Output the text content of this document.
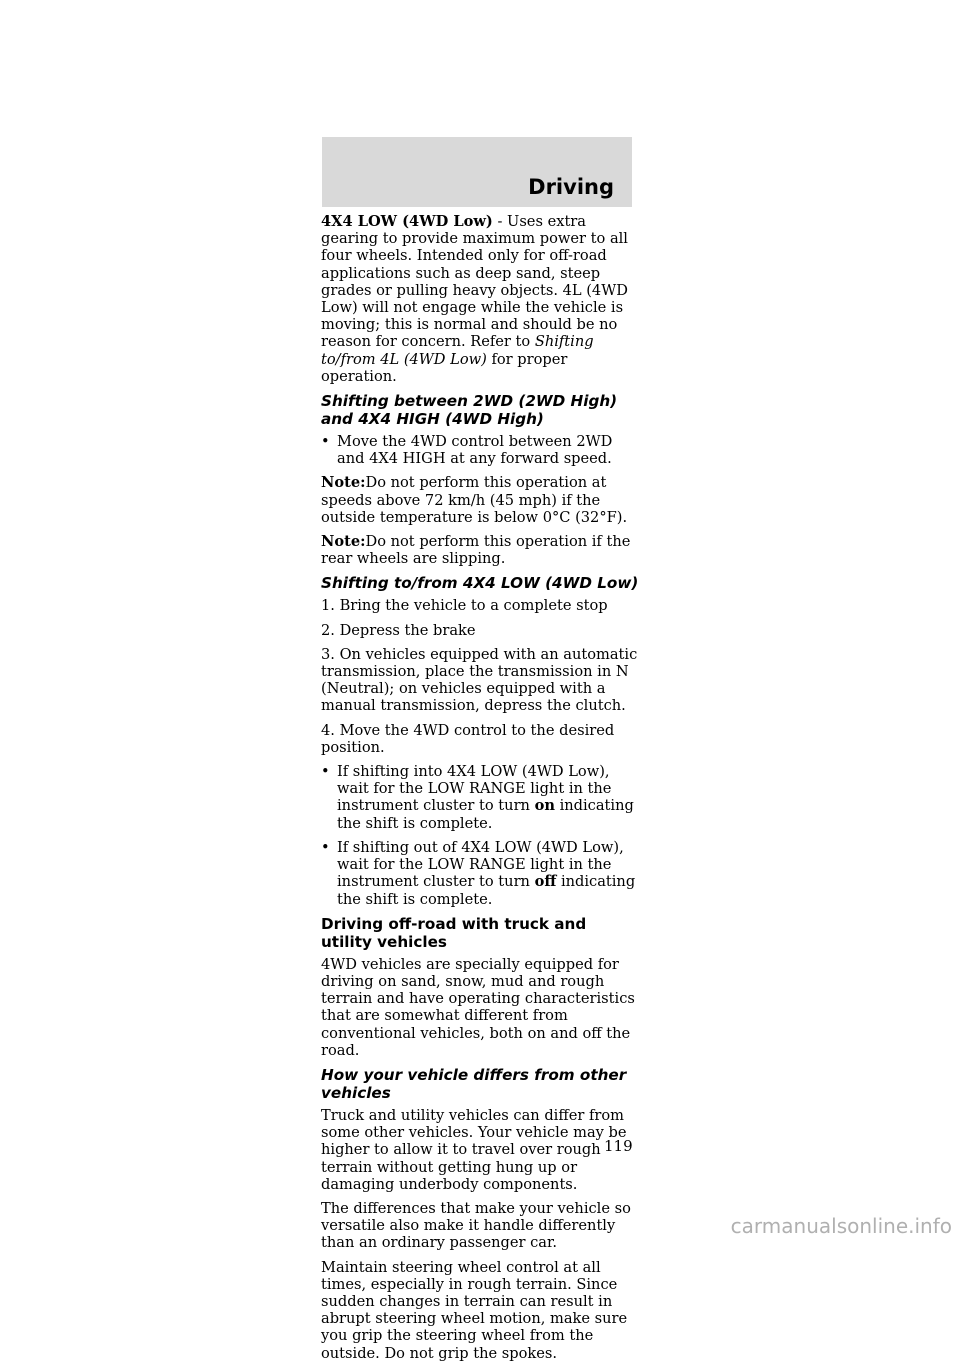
Driving

4X4 LOW (4WD Low) - Uses extra gearing to provide maximum power to all four wheels. Intended only for off-road applications such as deep sand, steep grades or pulling heavy objects. 4L (4WD Low) will not engage while the vehicle is moving; this is normal and should be no reason for concern. Refer to Shifting to/from 4L (4WD Low) for proper operation.

Shifting between 2WD (2WD High) and 4X4 HIGH (4WD High)
• Move the 4WD control between 2WD and 4X4 HIGH at any forward speed.

Note:Do not perform this operation at speeds above 72 km/h (45 mph) if the outside temperature is below 0°C (32°F).

Note:Do not perform this operation if the rear wheels are slipping.

Shifting to/from 4X4 LOW (4WD Low)

1. Bring the vehicle to a complete stop

2. Depress the brake

3. On vehicles equipped with an automatic transmission, place the transmission in N (Neutral); on vehicles equipped with a manual transmission, depress the clutch.

4. Move the 4WD control to the desired position.

• If shifting into 4X4 LOW (4WD Low), wait for the LOW RANGE light in the instrument cluster to turn on indicating the shift is complete.
• If shifting out of 4X4 LOW (4WD Low), wait for the LOW RANGE light in the instrument cluster to turn off indicating the shift is complete.
Driving off-road with truck and utility vehicles

4WD vehicles are specially equipped for driving on sand, snow, mud and rough terrain and have operating characteristics that are somewhat different from conventional vehicles, both on and off the road.

How your vehicle differs from other vehicles

Truck and utility vehicles can differ from some other vehicles. Your vehicle may be higher to allow it to travel over rough terrain without getting hung up or damaging underbody components.

The differences that make your vehicle so versatile also make it handle differently than an ordinary passenger car.

Maintain steering wheel control at all times, especially in rough terrain. Since sudden changes in terrain can result in abrupt steering wheel motion, make sure you grip the steering wheel from the outside. Do not grip the spokes.

119
carmanualsonline.info
